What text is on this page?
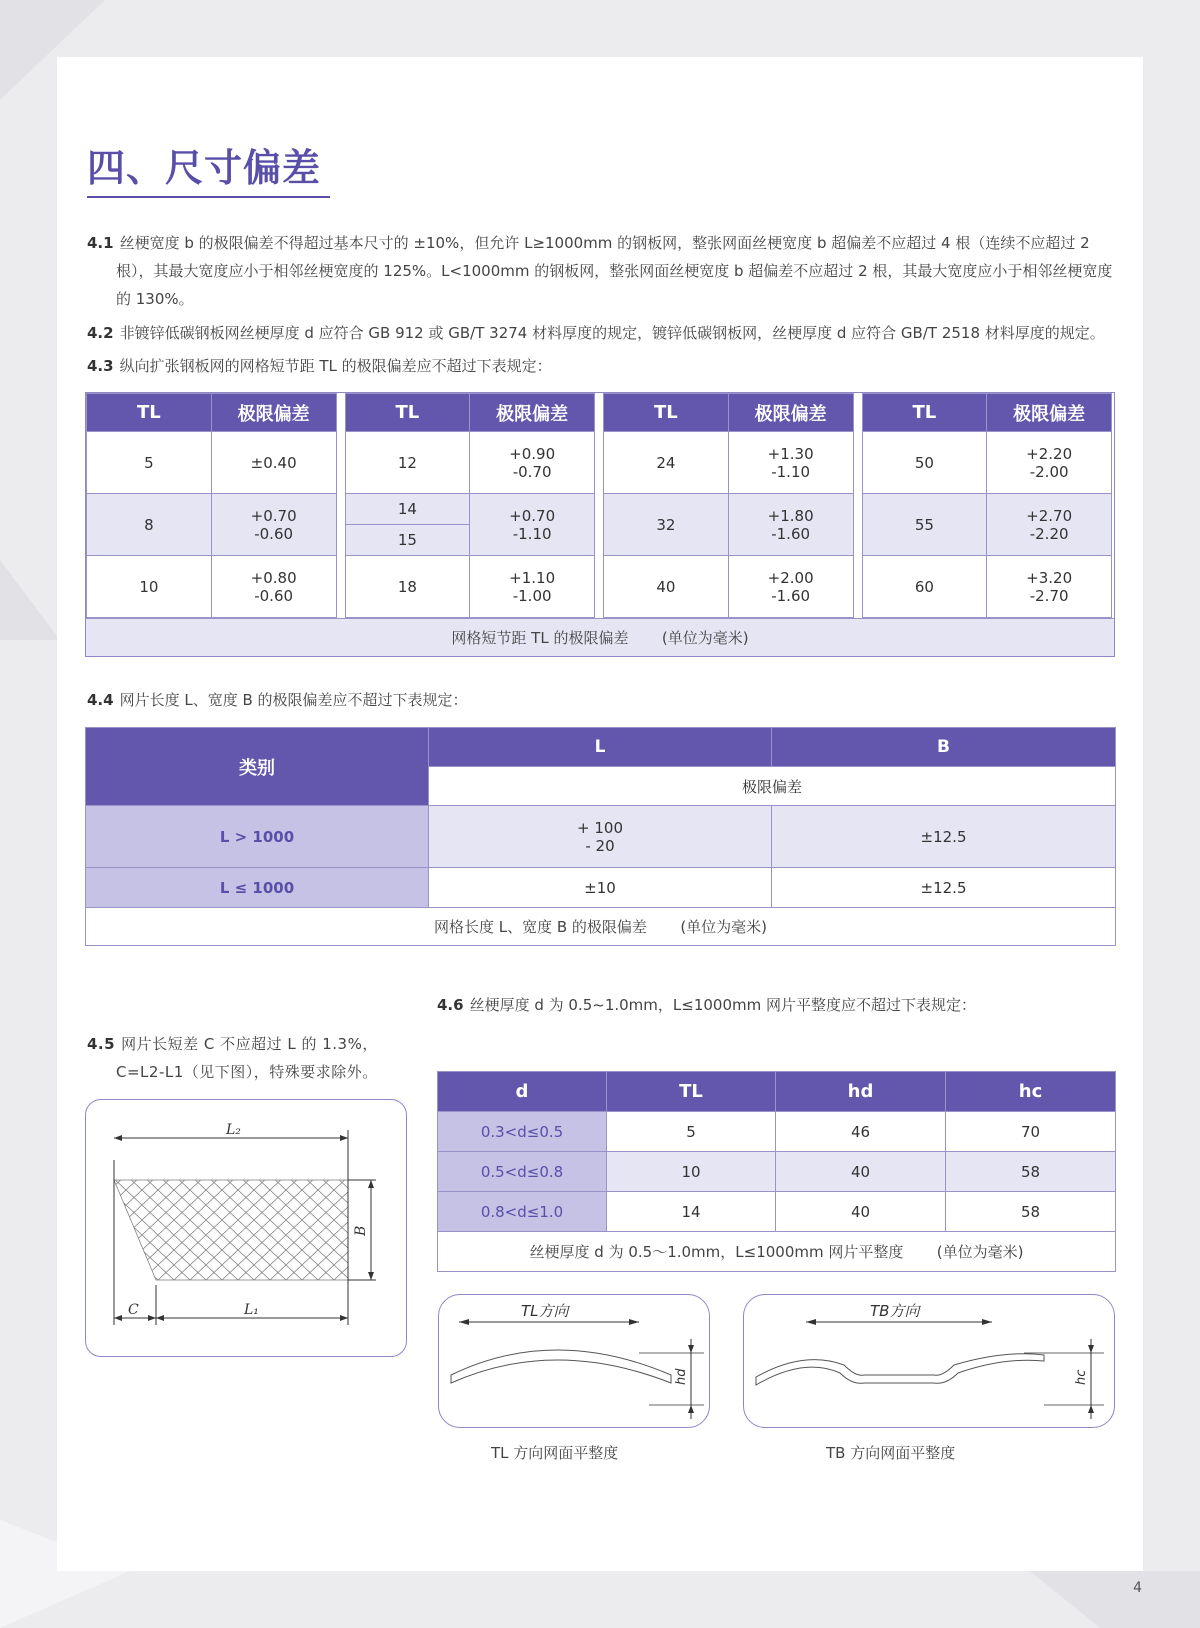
四、尺寸偏差
4.1 丝梗宽度 b 的极限偏差不得超过基本尺寸的 ±10%，但允许 L≥1000mm 的钢板网，整张网面丝梗宽度 b 超偏差不应超过 4 根（连续不应超过 2 根），其最大宽度应小于相邻丝梗宽度的 125%。L<1000mm 的钢板网，整张网面丝梗宽度 b 超偏差不应超过 2 根，其最大宽度应小于相邻丝梗宽度的 130%。
4.2 非镀锌低碳钢板网丝梗厚度 d 应符合 GB 912 或 GB/T 3274 材料厚度的规定，镀锌低碳钢板网，丝梗厚度 d 应符合 GB/T 2518 材料厚度的规定。
4.3 纵向扩张钢板网的网格短节距 TL 的极限偏差应不超过下表规定：
TL	极限偏差
5	±0.40
8	+0.70
-0.60
10	+0.80
-0.60
TL	极限偏差
12	+0.90
-0.70
14	+0.70
-1.10
15	
18	+1.10
-1.00
TL	极限偏差
24	+1.30
-1.10
32	+1.80
-1.60
40	+2.00
-1.60
TL	极限偏差
50	+2.20
-2.00
55	+2.70
-2.20
60	+3.20
-2.70
网格短节距 TL 的极限偏差 (单位为毫米)
4.4 网片长度 L、宽度 B 的极限偏差应不超过下表规定：
类别	L	B
	极限偏差	
L > 1000	+ 100
- 20	±12.5
L ≤ 1000	±10	±12.5
网格长度 L、宽度 B 的极限偏差 (单位为毫米)		
4.5 网片长短差 C 不应超过 L 的 1.3%，C=L2-L1（见下图），特殊要求除外。
L₂
C	L₁
B
4.6 丝梗厚度 d 为 0.5~1.0mm，L≤1000mm 网片平整度应不超过下表规定：
d	TL	hd	hc
0.3<d≤0.5	5	46	70
0.5<d≤0.8	10	40	58
0.8<d≤1.0	14	40	58
丝梗厚度 d 为 0.5～1.0mm，L≤1000mm 网片平整度 (单位为毫米)			
TL方向
hd
TL 方向网面平整度
TB方向
hc
TB 方向网面平整度
4
